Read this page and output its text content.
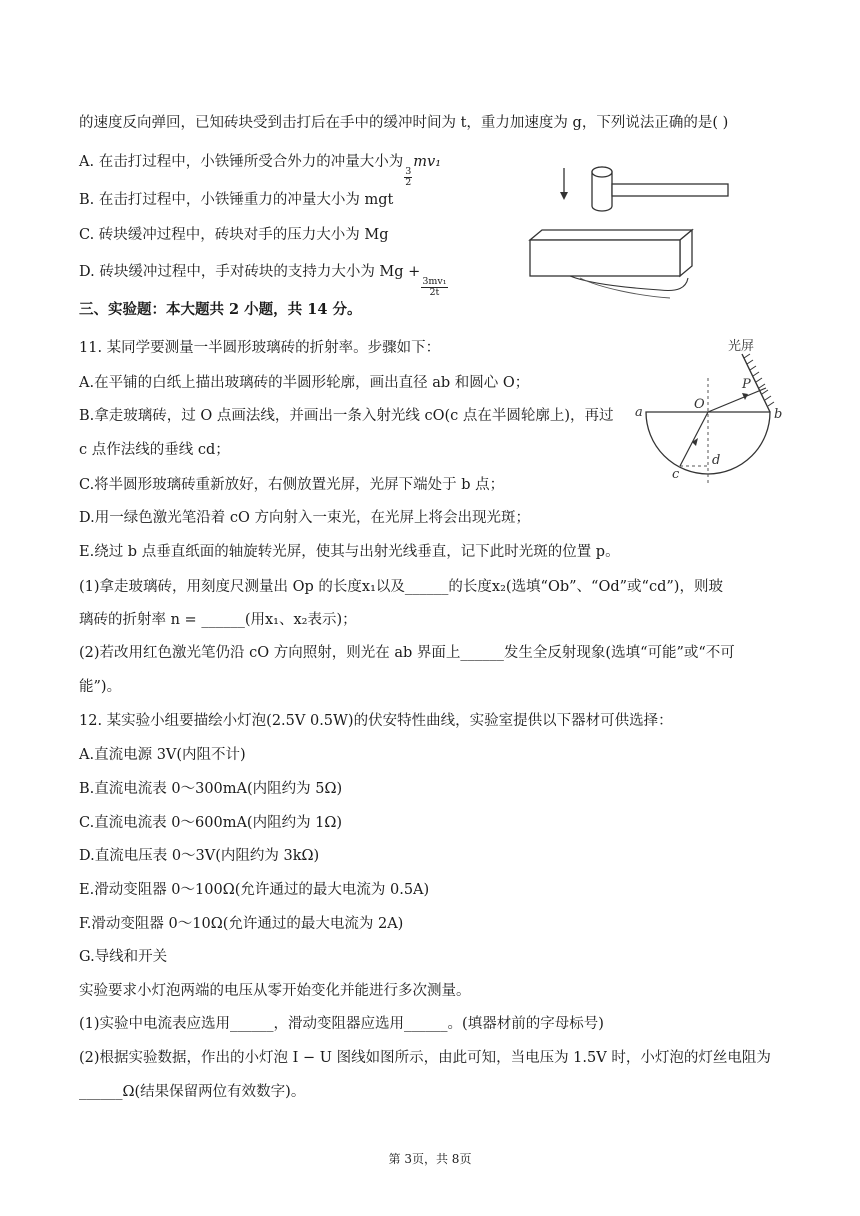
的速度反向弹回，已知砖块受到击打后在手中的缓冲时间为 t，重力加速度为 g，下列说法正确的是( )
A. 在击打过程中，小铁锤所受合外力的冲量大小为
$\frac{3}{2}$
mv₁
B. 在击打过程中，小铁锤重力的冲量大小为 mgt
C. 砖块缓冲过程中，砖块对手的压力大小为 Mg
D. 砖块缓冲过程中，手对砖块的支持力大小为 Mg +
$\frac{\text{3mv₁}}{2t}$
三、实验题：本大题共 2 小题，共 14 分。
11. 某同学要测量一半圆形玻璃砖的折射率。步骤如下：
A.在平铺的白纸上描出玻璃砖的半圆形轮廓，画出直径 ab 和圆心 O；
B.拿走玻璃砖，过 O 点画法线，并画出一条入射光线 cO(c 点在半圆轮廓上)，再过
c 点作法线的垂线 cd；
C.将半圆形玻璃砖重新放好，右侧放置光屏，光屏下端处于 b 点；
D.用一绿色激光笔沿着 cO 方向射入一束光，在光屏上将会出现光斑；
E.绕过 b 点垂直纸面的轴旋转光屏，使其与出射光线垂直，记下此时光斑的位置 p。
(1)拿走玻璃砖，用刻度尺测量出 Op 的长度x₁以及______的长度x₂(选填“Ob”、“Od”或“cd”)，则玻
璃砖的折射率 n = ______(用x₁、x₂表示)；
(2)若改用红色激光笔仍沿 cO 方向照射，则光在 ab 界面上______发生全反射现象(选填“可能”或“不可
能”)。
光屏
a	b
O
P
c
d
12. 某实验小组要描绘小灯泡(2.5V 0.5W)的伏安特性曲线，实验室提供以下器材可供选择：
A.直流电源 3V(内阻不计)
B.直流电流表 0～300mA(内阻约为 5Ω)
C.直流电流表 0～600mA(内阻约为 1Ω)
D.直流电压表 0～3V(内阻约为 3kΩ)
E.滑动变阻器 0～100Ω(允许通过的最大电流为 0.5A)
F.滑动变阻器 0～10Ω(允许通过的最大电流为 2A)
G.导线和开关
实验要求小灯泡两端的电压从零开始变化并能进行多次测量。
(1)实验中电流表应选用______，滑动变阻器应选用______。(填器材前的字母标号)
(2)根据实验数据，作出的小灯泡 I − U 图线如图所示，由此可知，当电压为 1.5V 时，小灯泡的灯丝电阻为
______Ω(结果保留两位有效数字)。
第 3页，共 8页
